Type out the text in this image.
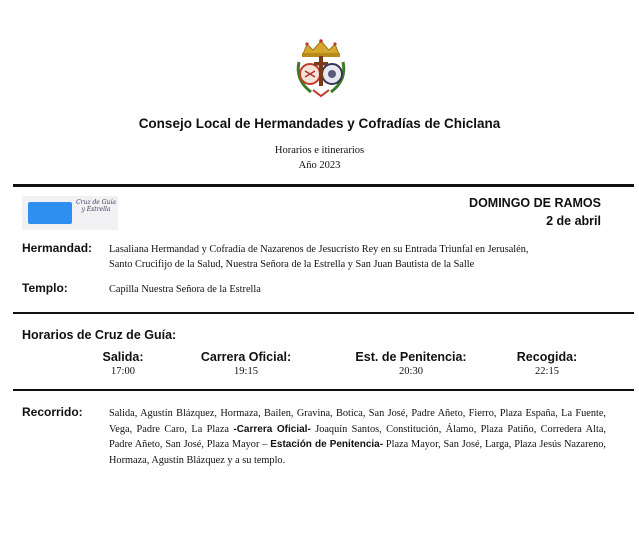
Consejo Local de Hermandades y Cofradías de Chiclana
Horarios e itinerarios
Año 2023
Cruz de Guía y Estrella	DOMINGO DE RAMOS
2 de abril
Hermandad: Lasaliana Hermandad y Cofradía de Nazarenos de Jesucristo Rey en su Entrada Triunfal en Jerusalén,
Santo Crucifijo de la Salud, Nuestra Señora de la Estrella y San Juan Bautista de la Salle
Templo:	Capilla Nuestra Señora de la Estrella
Horarios de Cruz de Guía:
Salida:
17:00
Carrera Oficial:
19:15
Est. de Penitencia:
20:30
Recogida:
22:15
Recorrido:	Salida, Agustín Blázquez, Hormaza, Bailen, Gravina, Botica, San José, Padre Añeto, Fierro, Plaza España, La Fuente, Vega, Padre Caro, La Plaza -Carrera Oficial- Joaquín Santos, Constitución, Álamo, Plaza Patiño, Corredera Alta, Padre Añeto, San José, Plaza Mayor – Estación de Penitencia- Plaza Mayor, San José, Larga, Plaza Jesús Nazareno, Hormaza, Agustín Blázquez y a su templo.
